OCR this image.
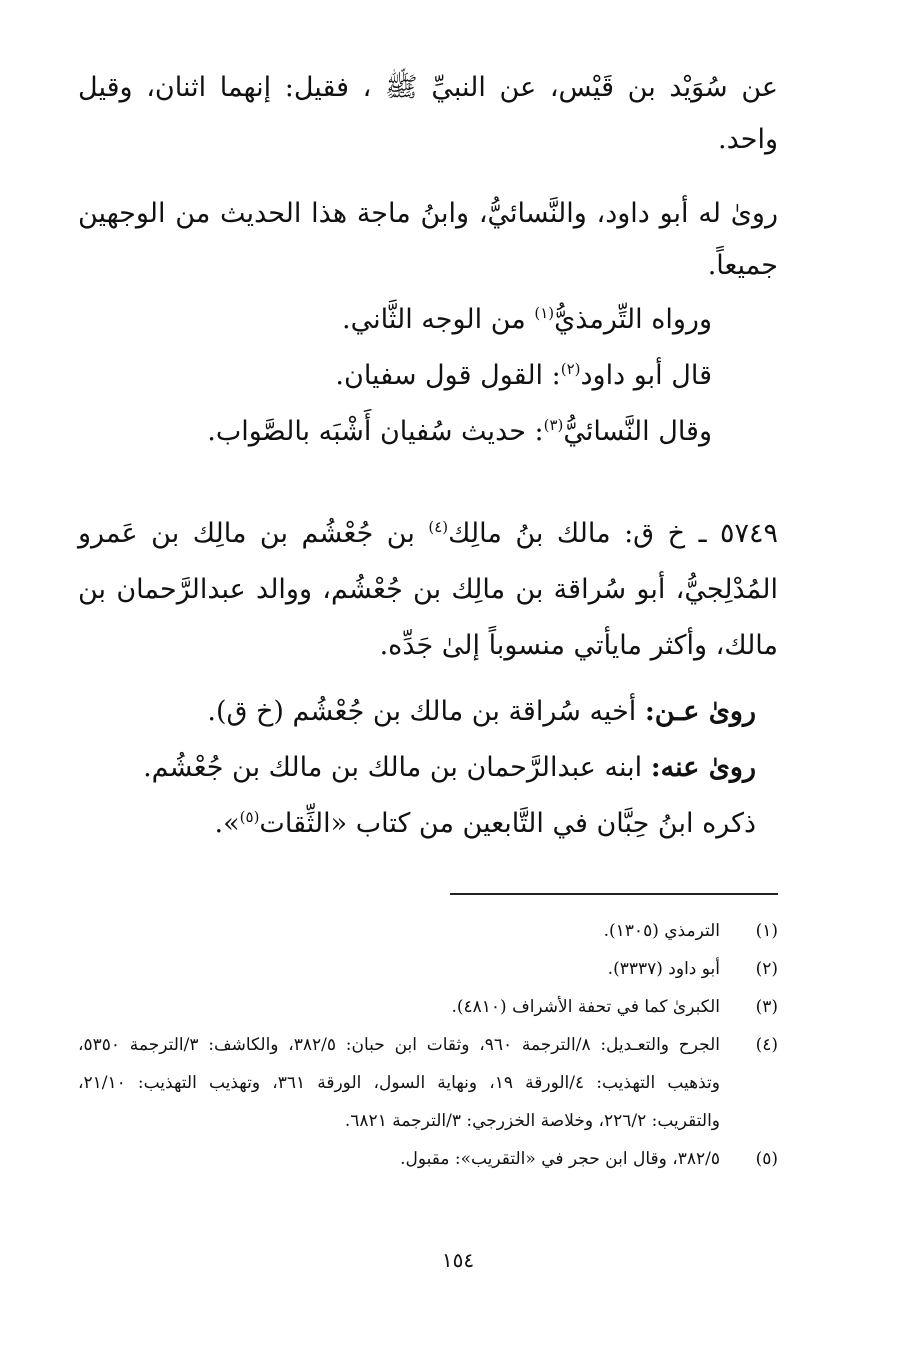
عن سُوَيْد بن قَيْس، عن النبيِّ ﷺ ، فقيل: إنهما اثنان، وقيل واحد.

روىٰ له أبو داود، والنَّسائيُّ، وابنُ ماجة هذا الحديث من الوجهين جميعاً.

ورواه التِّرمذيُّ$^{(١)}$ من الوجه الثَّاني.

قال أبو داود$^{(٢)}$: القول قول سفيان.

وقال النَّسائيُّ$^{(٣)}$: حديث سُفيان أَشْبَه بالصَّواب.

٥٧٤٩ ـ خ ق: مالك بنُ مالِك$^{(٤)}$ بن جُعْشُم بن مالِك بن عَمرو المُدْلِجيُّ، أبو سُراقة بن مالِك بن جُعْشُم، ووالد عبدالرَّحمان بن مالك، وأكثر مايأتي منسوباً إلىٰ جَدِّه.

روىٰ عـن: أخيه سُراقة بن مالك بن جُعْشُم (خ ق).

روىٰ عنه: ابنه عبدالرَّحمان بن مالك بن مالك بن جُعْشُم.

ذكره ابنُ حِبَّان في التَّابعين من كتاب «الثِّقات$^{(٥)}$».

(١)
الترمذي (١٣٠٥).
(٢)
أبو داود (٣٣٣٧).
(٣)
الكبرىٰ كما في تحفة الأشراف (٤٨١٠).
(٤)
الجرح والتعـديل: ٨/الترجمة ٩٦٠، وثقات ابن حبان: ٣٨٢/٥، والكاشف: ٣/الترجمة ٥٣٥٠، وتذهيب التهذيب: ٤/الورقة ١٩، ونهاية السول، الورقة ٣٦١، وتهذيب التهذيب: ٢١/١٠، والتقريب: ٢٢٦/٢، وخلاصة الخزرجي: ٣/الترجمة ٦٨٢١.
(٥)
٣٨٢/٥، وقال ابن حجر في «التقريب»: مقبول.
١٥٤
